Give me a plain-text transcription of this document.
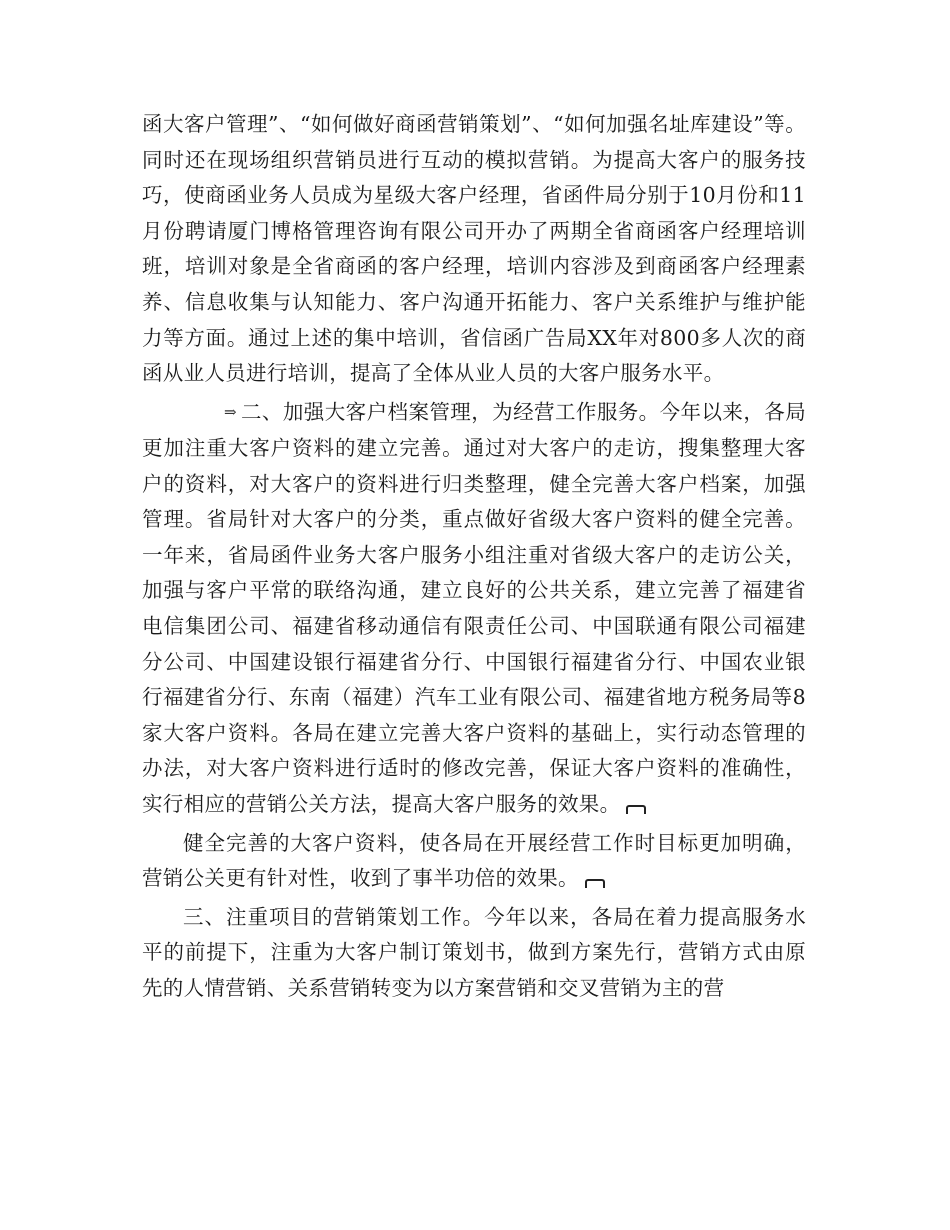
函大客户管理”、“如何做好商函营销策划”、“如何加强名址库建设”等。同时还在现场组织营销员进行互动的模拟营销。为提高大客户的服务技巧，使商函业务人员成为星级大客户经理，省函件局分别于10月份和11月份聘请厦门博格管理咨询有限公司开办了两期全省商函客户经理培训班，培训对象是全省商函的客户经理，培训内容涉及到商函客户经理素养、信息收集与认知能力、客户沟通开拓能力、客户关系维护与维护能力等方面。通过上述的集中培训，省信函广告局XX年对800多人次的商函从业人员进行培训，提高了全体从业人员的大客户服务水平。

⇒ 二、加强大客户档案管理，为经营工作服务。今年以来，各局更加注重大客户资料的建立完善。通过对大客户的走访，搜集整理大客户的资料，对大客户的资料进行归类整理，健全完善大客户档案，加强管理。省局针对大客户的分类，重点做好省级大客户资料的健全完善。一年来，省局函件业务大客户服务小组注重对省级大客户的走访公关，加强与客户平常的联络沟通，建立良好的公共关系，建立完善了福建省电信集团公司、福建省移动通信有限责任公司、中国联通有限公司福建分公司、中国建设银行福建省分行、中国银行福建省分行、中国农业银行福建省分行、东南（福建）汽车工业有限公司、福建省地方税务局等8家大客户资料。各局在建立完善大客户资料的基础上，实行动态管理的办法，对大客户资料进行适时的修改完善，保证大客户资料的准确性，实行相应的营销公关方法，提高大客户服务的效果。

健全完善的大客户资料，使各局在开展经营工作时目标更加明确，营销公关更有针对性，收到了事半功倍的效果。

三、注重项目的营销策划工作。今年以来，各局在着力提高服务水平的前提下，注重为大客户制订策划书，做到方案先行，营销方式由原先的人情营销、关系营销转变为以方案营销和交叉营销为主的营
